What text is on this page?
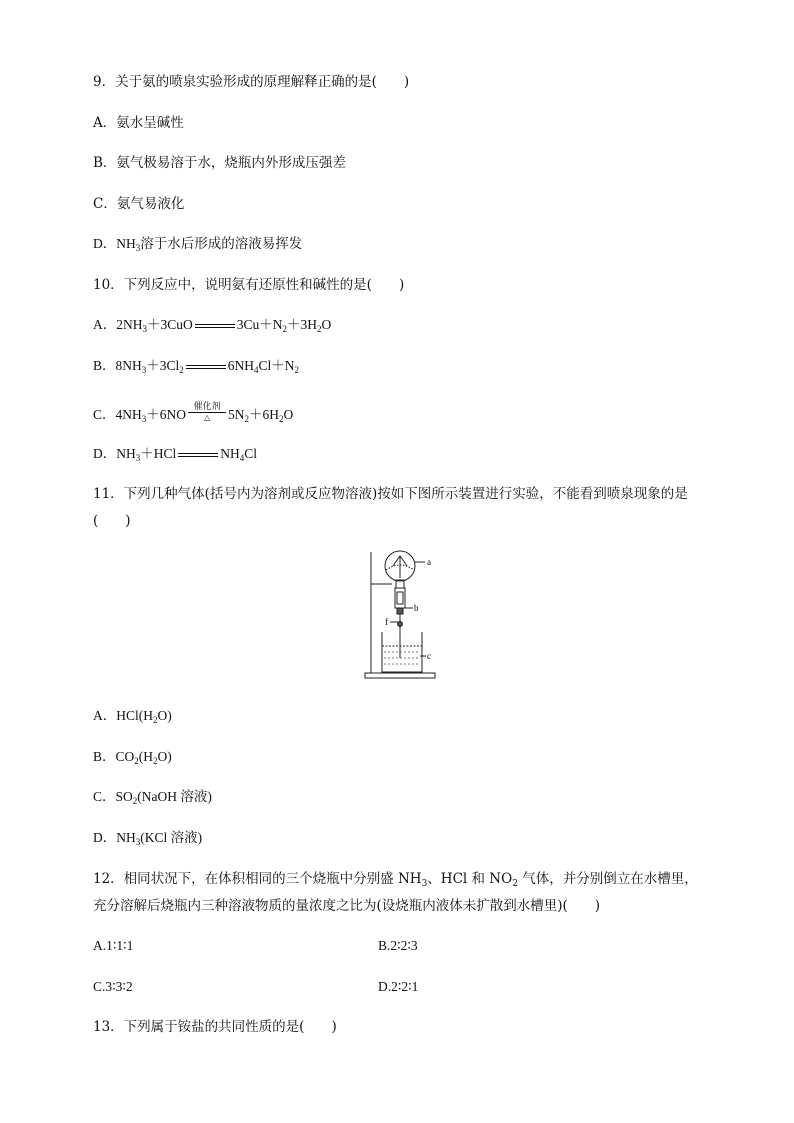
9．关于氨的喷泉实验形成的原理解释正确的是(　　)
A．氨水呈碱性
B．氨气极易溶于水，烧瓶内外形成压强差
C．氨气易液化
D．$NH_3$溶于水后形成的溶液易挥发
10．下列反应中，说明氨有还原性和碱性的是(　　)
A．$2NH_3+3CuO$	$3Cu+N_2+3H_2O$
B．$8NH_3+3Cl_2$	$6NH_4Cl+N_2$
C．$4NH_3+6NO$
催化剂
△	$5N_2+6H_2O$
D．$NH_3+HCl$	$NH_4Cl$
11．下列几种气体(括号内为溶剂或反应物溶液)按如下图所示装置进行实验，不能看到喷泉现象的是
(　　)
a
b
f
c
A．$HCl(H_2O)$
B．$CO_2(H_2O)$
C．$SO_2(NaOH$ 溶液)
D．$NH_3(KCl$ 溶液)
12．相同状况下，在体积相同的三个烧瓶中分别盛 $NH_3$、HCl 和 $NO_2$ 气体，并分别倒立在水槽里，
充分溶解后烧瓶内三种溶液物质的量浓度之比为(设烧瓶内液体未扩散到水槽里)(　　)
A.1∶1∶1	B.2∶2∶3
C.3∶3∶2	D.2∶2∶1
13．下列属于铵盐的共同性质的是(　　)
